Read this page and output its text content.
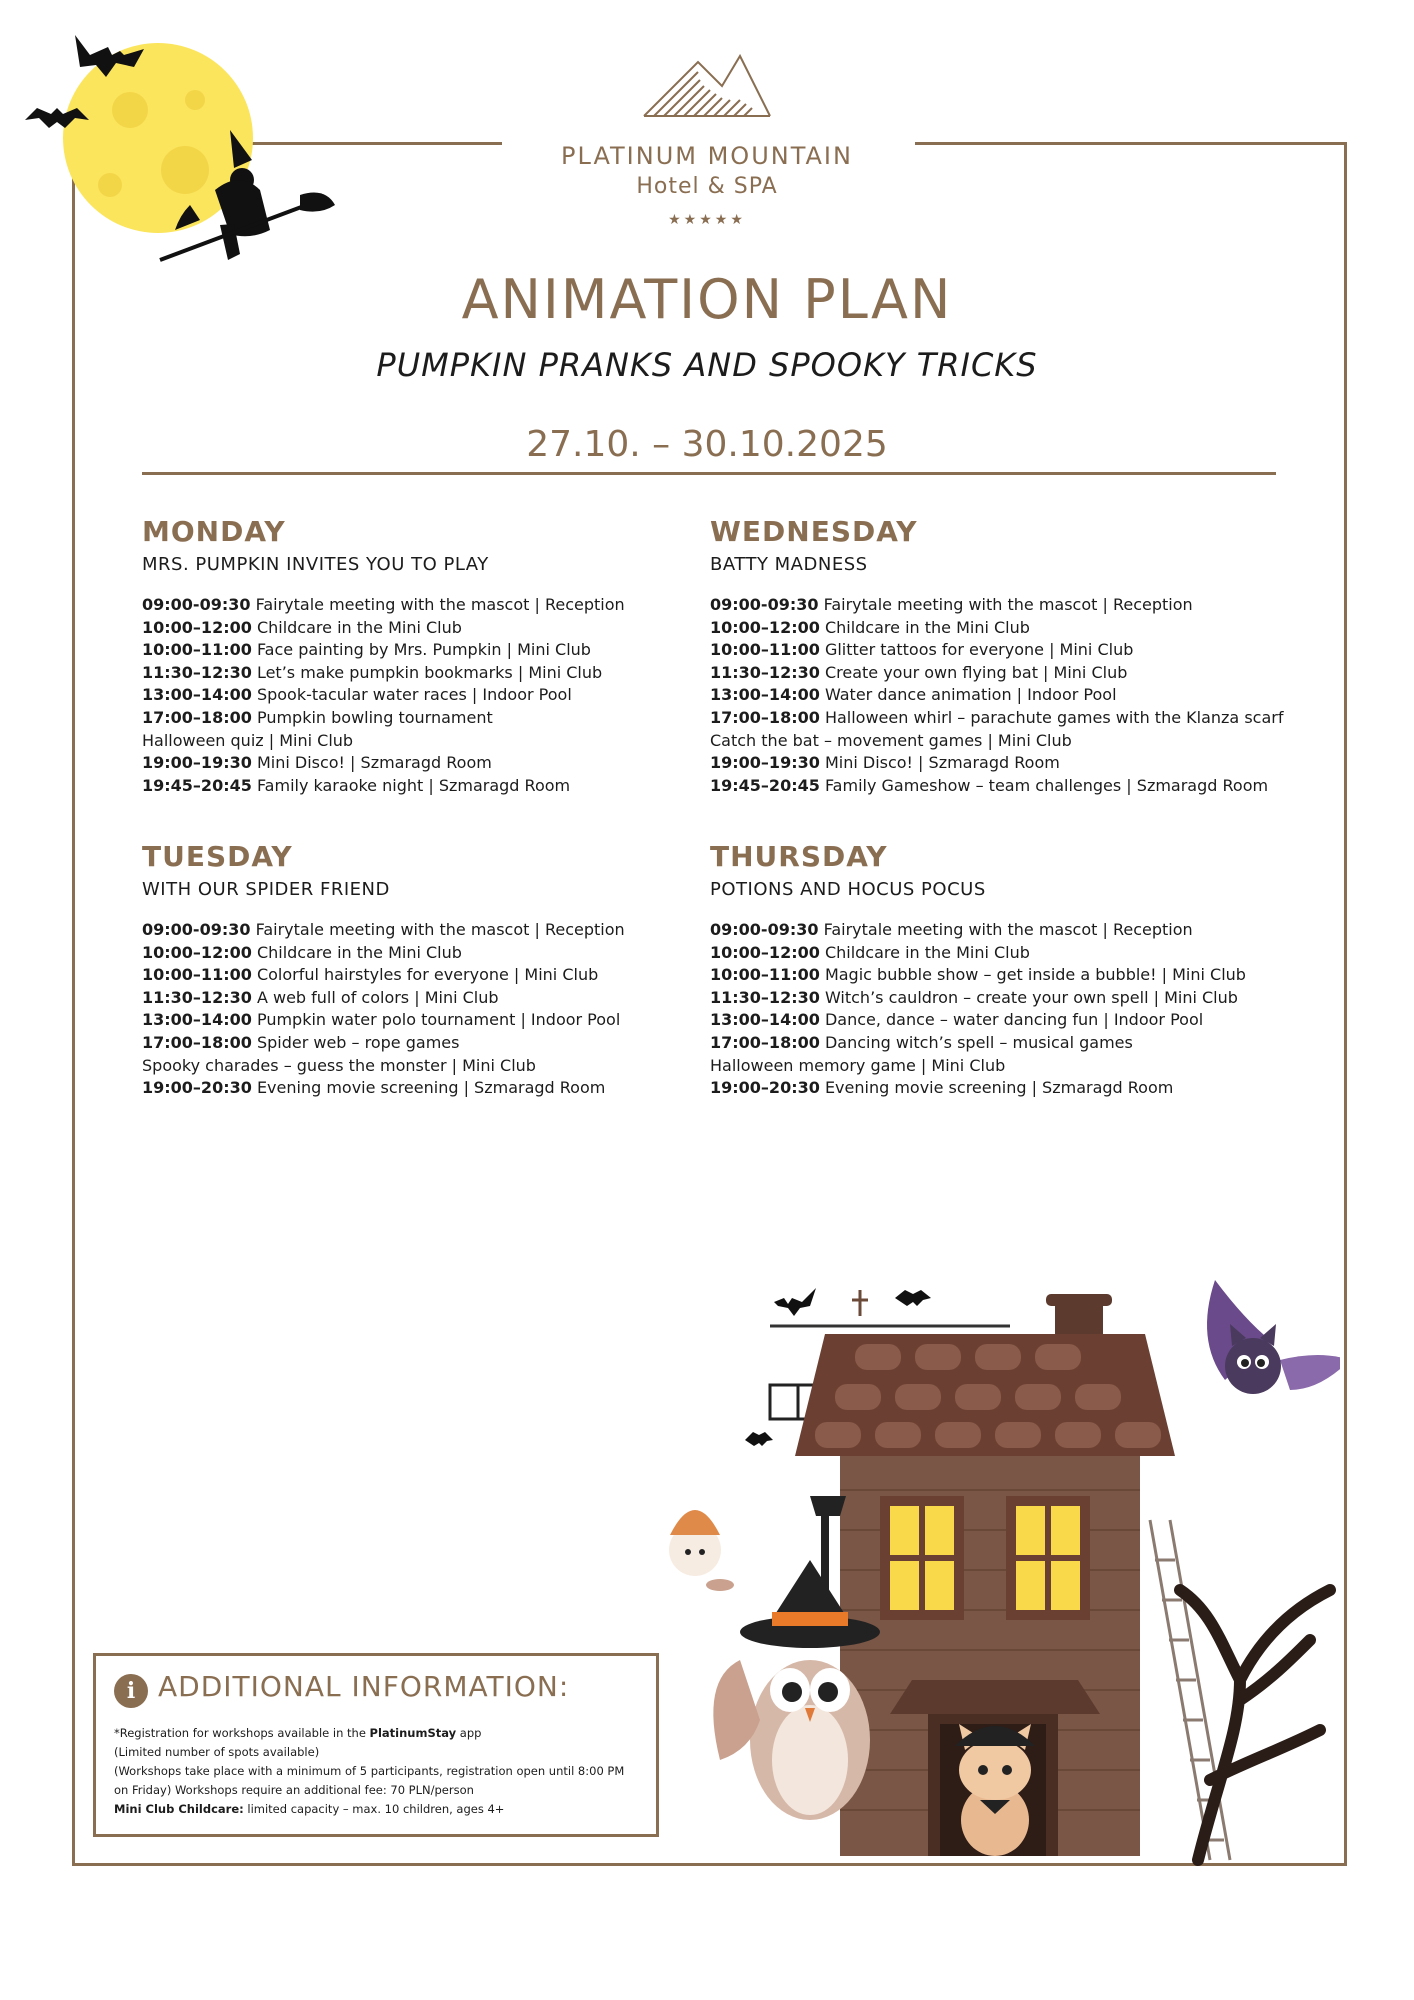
PLATINUM MOUNTAIN
Hotel & SPA
★★★★★
ANIMATION PLAN
PUMPKIN PRANKS AND SPOOKY TRICKS
27.10. – 30.10.2025
MONDAY
MRS. PUMPKIN INVITES YOU TO PLAY
09:00-09:30 Fairytale meeting with the mascot | Reception
10:00–12:00 Childcare in the Mini Club
10:00–11:00 Face painting by Mrs. Pumpkin | Mini Club
11:30–12:30 Let’s make pumpkin bookmarks | Mini Club
13:00–14:00 Spook-tacular water races | Indoor Pool
17:00–18:00 Pumpkin bowling tournament
Halloween quiz | Mini Club
19:00–19:30 Mini Disco! | Szmaragd Room
19:45–20:45 Family karaoke night | Szmaragd Room
TUESDAY
WITH OUR SPIDER FRIEND
09:00-09:30 Fairytale meeting with the mascot | Reception
10:00–12:00 Childcare in the Mini Club
10:00–11:00 Colorful hairstyles for everyone | Mini Club
11:30–12:30 A web full of colors | Mini Club
13:00–14:00 Pumpkin water polo tournament | Indoor Pool
17:00–18:00 Spider web – rope games
Spooky charades – guess the monster | Mini Club
19:00–20:30 Evening movie screening | Szmaragd Room
WEDNESDAY
BATTY MADNESS
09:00-09:30 Fairytale meeting with the mascot | Reception
10:00–12:00 Childcare in the Mini Club
10:00–11:00 Glitter tattoos for everyone | Mini Club
11:30–12:30 Create your own flying bat | Mini Club
13:00–14:00 Water dance animation | Indoor Pool
17:00–18:00 Halloween whirl – parachute games with the Klanza scarf
Catch the bat – movement games | Mini Club
19:00–19:30 Mini Disco! | Szmaragd Room
19:45–20:45 Family Gameshow – team challenges | Szmaragd Room
THURSDAY
POTIONS AND HOCUS POCUS
09:00-09:30 Fairytale meeting with the mascot | Reception
10:00–12:00 Childcare in the Mini Club
10:00–11:00 Magic bubble show – get inside a bubble! | Mini Club
11:30–12:30 Witch’s cauldron – create your own spell | Mini Club
13:00–14:00 Dance, dance – water dancing fun | Indoor Pool
17:00–18:00 Dancing witch’s spell – musical games
Halloween memory game | Mini Club
19:00–20:30 Evening movie screening | Szmaragd Room
i ADDITIONAL INFORMATION:
*Registration for workshops available in the PlatinumStay app
(Limited number of spots available)
(Workshops take place with a minimum of 5 participants, registration open until 8:00 PM
on Friday) Workshops require an additional fee: 70 PLN/person
Mini Club Childcare: limited capacity – max. 10 children, ages 4+
